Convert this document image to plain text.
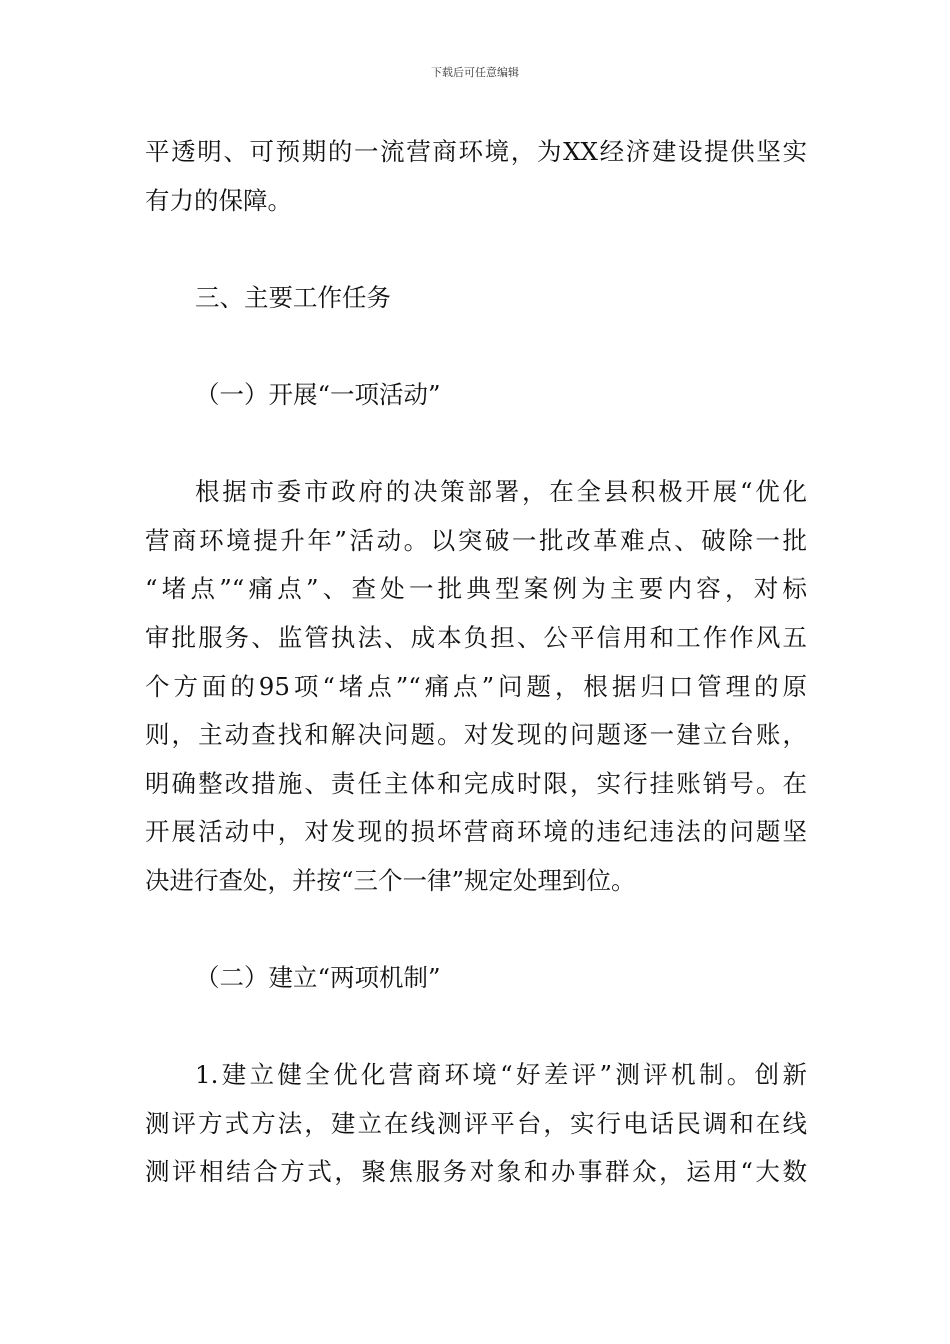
下载后可任意编辑
平透明、可预期的一流营商环境，为XX经济建设提供坚实
有力的保障。
三、主要工作任务
（一）开展“一项活动”
根据市委市政府的决策部署，在全县积极开展“优化
营商环境提升年”活动。以突破一批改革难点、破除一批
“堵点”“痛点”、查处一批典型案例为主要内容，对标
审批服务、监管执法、成本负担、公平信用和工作作风五
个方面的95项“堵点”“痛点”问题，根据归口管理的原
则，主动查找和解决问题。对发现的问题逐一建立台账，
明确整改措施、责任主体和完成时限，实行挂账销号。在
开展活动中，对发现的损坏营商环境的违纪违法的问题坚
决进行查处，并按“三个一律”规定处理到位。
（二）建立“两项机制”
1.建立健全优化营商环境“好差评”测评机制。创新
测评方式方法，建立在线测评平台，实行电话民调和在线
测评相结合方式，聚焦服务对象和办事群众，运用“大数
